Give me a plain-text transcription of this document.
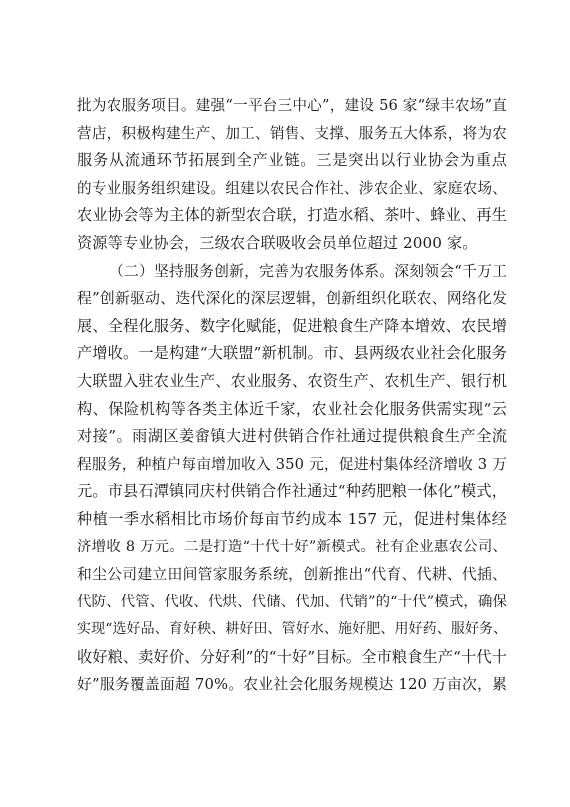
批为农服务项目。建强“一平台三中心”，建设 56 家“绿丰农场”直
营店，积极构建生产、加工、销售、支撑、服务五大体系，将为农
服务从流通环节拓展到全产业链。三是突出以行业协会为重点
的专业服务组织建设。组建以农民合作社、涉农企业、家庭农场、
农业协会等为主体的新型农合联，打造水稻、茶叶、蜂业、再生
资源等专业协会，三级农合联吸收会员单位超过 2000 家。
（二）坚持服务创新，完善为农服务体系。深刻领会“千万工
程”创新驱动、迭代深化的深层逻辑，创新组织化联农、网络化发
展、全程化服务、数字化赋能，促进粮食生产降本增效、农民增
产增收。一是构建“大联盟”新机制。市、县两级农业社会化服务
大联盟入驻农业生产、农业服务、农资生产、农机生产、银行机
构、保险机构等各类主体近千家，农业社会化服务供需实现“云
对接”。雨湖区姜畲镇大进村供销合作社通过提供粮食生产全流
程服务，种植户每亩增加收入 350 元，促进村集体经济增收 3 万
元。市县石潭镇同庆村供销合作社通过“种药肥粮一体化”模式，
种植一季水稻相比市场价每亩节约成本 157 元，促进村集体经
济增收 8 万元。二是打造“十代十好”新模式。社有企业惠农公司、
和尘公司建立田间管家服务系统，创新推出“代育、代耕、代插、
代防、代管、代收、代烘、代储、代加、代销”的“十代”模式，确保
实现“选好品、育好秧、耕好田、管好水、施好肥、用好药、服好务、
收好粮、卖好价、分好利”的“十好”目标。全市粮食生产“十代十
好”服务覆盖面超 70%。农业社会化服务规模达 120 万亩次，累
